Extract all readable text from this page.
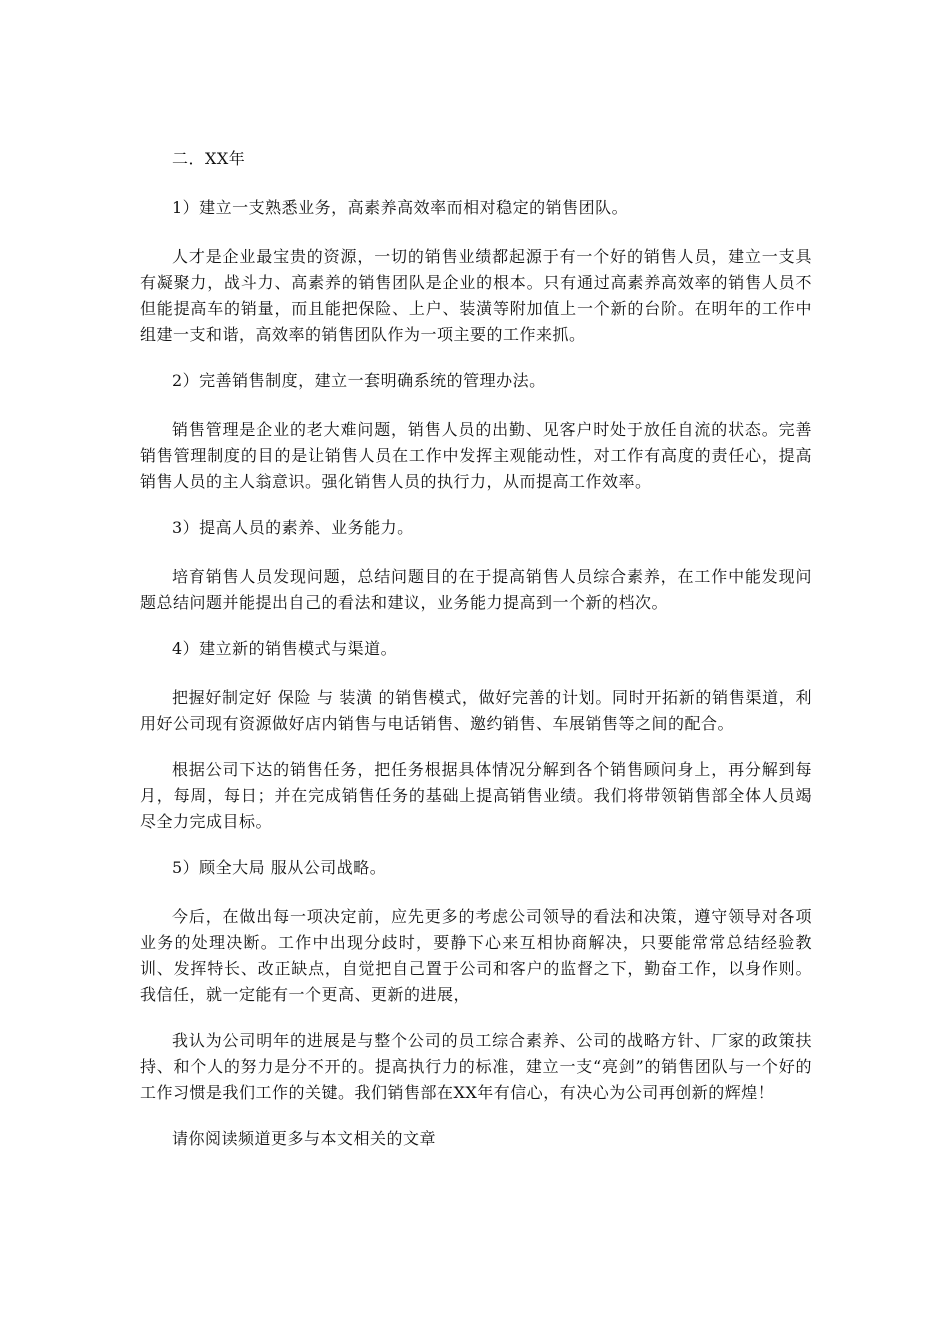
二．XX年

1）建立一支熟悉业务，高素养高效率而相对稳定的销售团队。

人才是企业最宝贵的资源，一切的销售业绩都起源于有一个好的销售人员，建立一支具有凝聚力，战斗力、高素养的销售团队是企业的根本。只有通过高素养高效率的销售人员不但能提高车的销量，而且能把保险、上户、装潢等附加值上一个新的台阶。在明年的工作中组建一支和谐，高效率的销售团队作为一项主要的工作来抓。

2）完善销售制度，建立一套明确系统的管理办法。

销售管理是企业的老大难问题，销售人员的出勤、见客户时处于放任自流的状态。完善销售管理制度的目的是让销售人员在工作中发挥主观能动性，对工作有高度的责任心，提高销售人员的主人翁意识。强化销售人员的执行力，从而提高工作效率。

3）提高人员的素养、业务能力。

培育销售人员发现问题，总结问题目的在于提高销售人员综合素养，在工作中能发现问题总结问题并能提出自己的看法和建议，业务能力提高到一个新的档次。

4）建立新的销售模式与渠道。

把握好制定好 保险 与 装潢 的销售模式，做好完善的计划。同时开拓新的销售渠道，利用好公司现有资源做好店内销售与电话销售、邀约销售、车展销售等之间的配合。

根据公司下达的销售任务，把任务根据具体情况分解到各个销售顾问身上，再分解到每月，每周，每日；并在完成销售任务的基础上提高销售业绩。我们将带领销售部全体人员竭尽全力完成目标。

5）顾全大局 服从公司战略。

今后，在做出每一项决定前，应先更多的考虑公司领导的看法和决策，遵守领导对各项业务的处理决断。工作中出现分歧时，要静下心来互相协商解决，只要能常常总结经验教训、发挥特长、改正缺点，自觉把自己置于公司和客户的监督之下，勤奋工作，以身作则。我信任，就一定能有一个更高、更新的进展，

我认为公司明年的进展是与整个公司的员工综合素养、公司的战略方针、厂家的政策扶持、和个人的努力是分不开的。提高执行力的标准，建立一支“亮剑”的销售团队与一个好的工作习惯是我们工作的关键。我们销售部在XX年有信心，有决心为公司再创新的辉煌！

请你阅读频道更多与本文相关的文章
